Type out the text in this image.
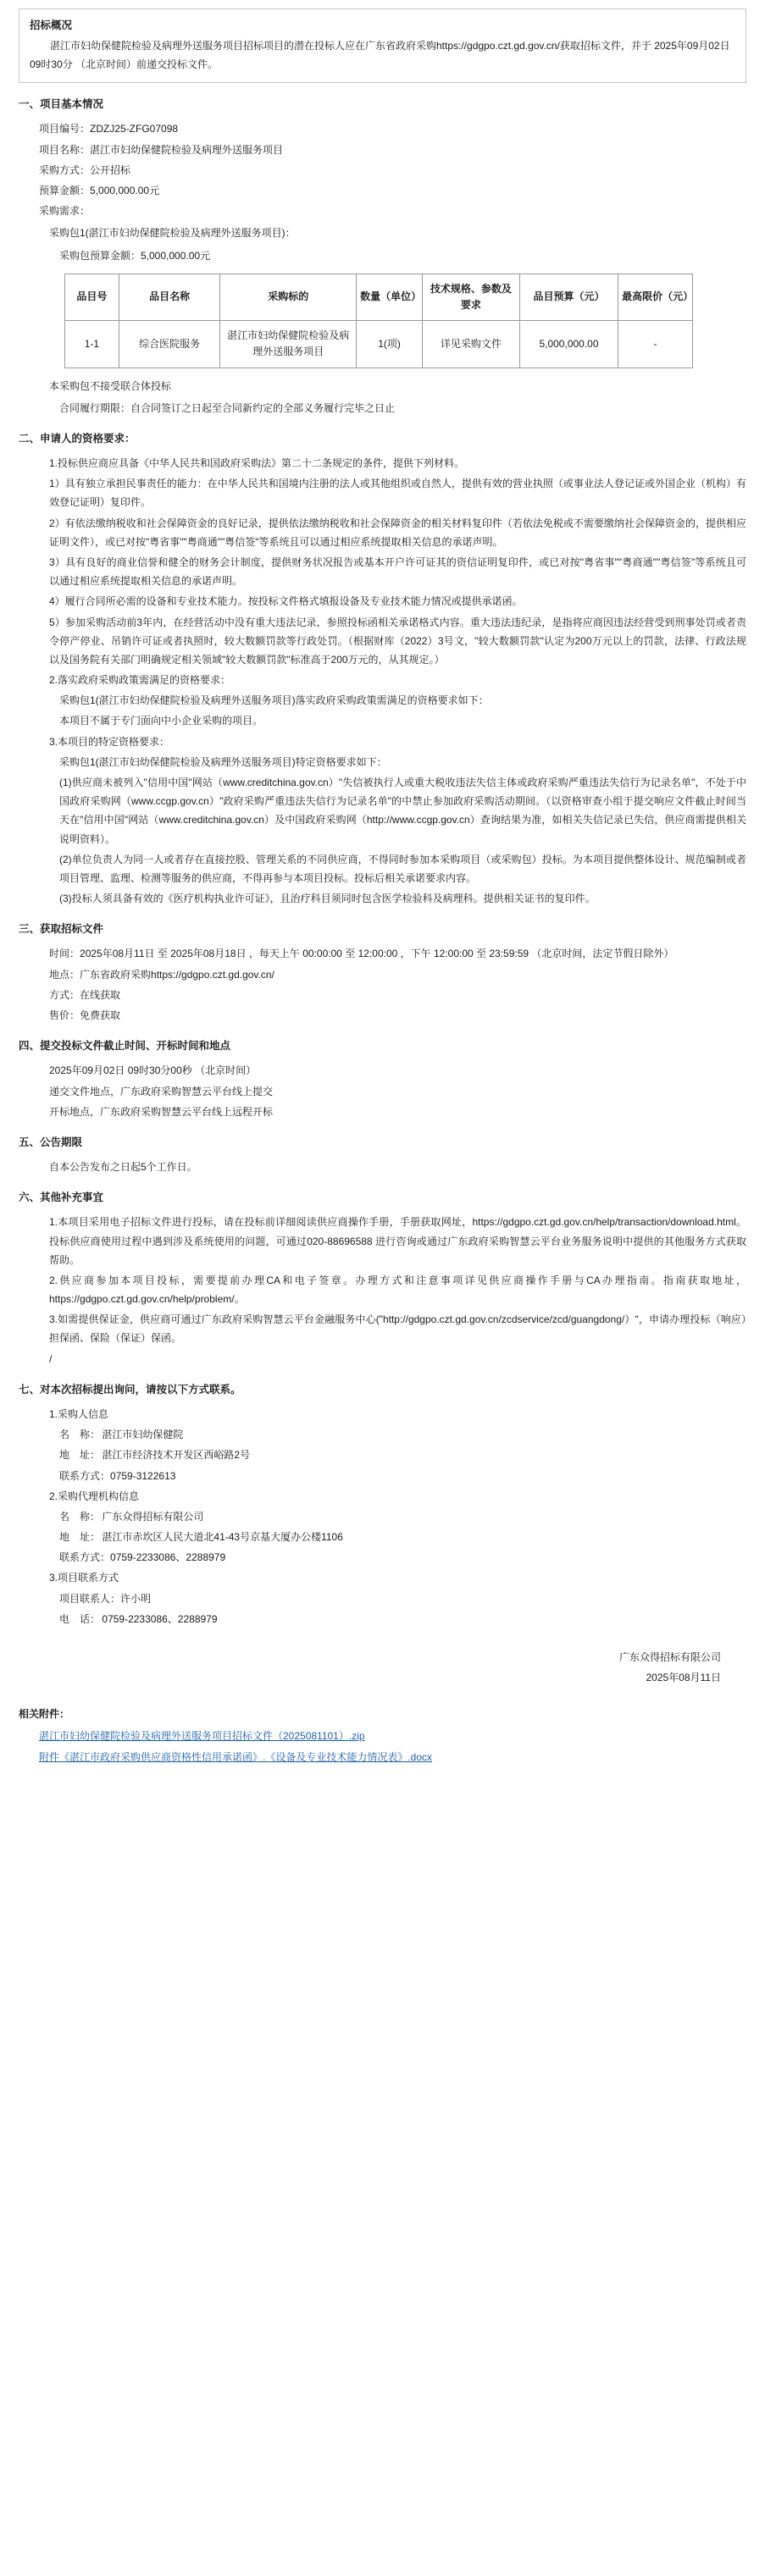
招标概况
湛江市妇幼保健院检验及病理外送服务项目招标项目的潜在投标人应在广东省政府采购https://gdgpo.czt.gd.gov.cn/获取招标文件，并于 2025年09月02日 09时30分 （北京时间）前递交投标文件。
一、项目基本情况
项目编号：ZDZJ25-ZFG07098
项目名称：湛江市妇幼保健院检验及病理外送服务项目
采购方式：公开招标
预算金额：5,000,000.00元
采购需求：
采购包1(湛江市妇幼保健院检验及病理外送服务项目)：
采购包预算金额：5,000,000.00元
品目号	品目名称	采购标的	数量（单位）	技术规格、参数及要求	品目预算（元）	最高限价（元）
1-1	综合医院服务	湛江市妇幼保健院检验及病理外送服务项目	1(项)	详见采购文件	5,000,000.00	-
本采购包不接受联合体投标
合同履行期限：自合同签订之日起至合同新约定的全部义务履行完毕之日止
二、申请人的资格要求：
1.投标供应商应具备《中华人民共和国政府采购法》第二十二条规定的条件，提供下列材料。
1）具有独立承担民事责任的能力：在中华人民共和国境内注册的法人或其他组织或自然人，提供有效的营业执照（或事业法人登记证或外国企业（机构）有效登记证明）复印件。
2）有依法缴纳税收和社会保障资金的良好记录，提供依法缴纳税收和社会保障资金的相关材料复印件（若依法免税或不需要缴纳社会保障资金的，提供相应证明文件），或已对按"粤省事""粤商通""粤信签"等系统且可以通过相应系统提取相关信息的承诺声明。
3）具有良好的商业信誉和健全的财务会计制度，提供财务状况报告或基本开户许可证其的资信证明复印件，或已对按"粤省事""粤商通""粤信签"等系统且可以通过相应系统提取相关信息的承诺声明。
4）履行合同所必需的设备和专业技术能力。按投标文件格式填报设备及专业技术能力情况或提供承诺函。
5）参加采购活动前3年内，在经营活动中没有重大违法记录，参照投标函相关承诺格式内容。重大违法违纪录，是指将应商因违法经营受到刑事处罚或者责令停产停业、吊销许可证或者执照时，较大数额罚款等行政处罚。（根据财库（2022）3号文，"较大数额罚款"认定为200万元以上的罚款，法律、行政法规以及国务院有关部门明确规定相关领域"较大数额罚款"标准高于200万元的，从其规定。）
2.落实政府采购政策需满足的资格要求：
采购包1(湛江市妇幼保健院检验及病理外送服务项目)落实政府采购政策需满足的资格要求如下：
本项目不属于专门面向中小企业采购的项目。
3.本项目的特定资格要求：
采购包1(湛江市妇幼保健院检验及病理外送服务项目)特定资格要求如下：
(1)供应商未被列入"信用中国"网站（www.creditchina.gov.cn）"失信被执行人或重大税收违法失信主体或政府采购严重违法失信行为记录名单"，不处于中国政府采购网（www.ccgp.gov.cn）"政府采购严重违法失信行为记录名单"的中禁止参加政府采购活动期间。（以资格审查小组于提交响应文件截止时间当天在"信用中国"网站（www.creditchina.gov.cn）及中国政府采购网（http://www.ccgp.gov.cn）查询结果为准，如相关失信记录已失信，供应商需提供相关说明资料）。
(2)单位负责人为同一人或者存在直接控股、管理关系的不同供应商，不得同时参加本采购项目（或采购包）投标。为本项目提供整体设计、规范编制或者项目管理、监理、检测等服务的供应商，不得再参与本项目投标。投标后相关承诺要求内容。
(3)投标人须具备有效的《医疗机构执业许可证》，且治疗科目须同时包含医学检验科及病理科。提供相关证书的复印件。
三、获取招标文件
时间：2025年08月11日 至 2025年08月18日 ，每天上午 00:00:00 至 12:00:00 ，下午 12:00:00 至 23:59:59 （北京时间，法定节假日除外）
地点：广东省政府采购https://gdgpo.czt.gd.gov.cn/
方式：在线获取
售价：免费获取
四、提交投标文件截止时间、开标时间和地点
2025年09月02日 09时30分00秒 （北京时间）
递交文件地点，广东政府采购智慧云平台线上提交
开标地点，广东政府采购智慧云平台线上远程开标
五、公告期限
自本公告发布之日起5个工作日。
六、其他补充事宜
1.本项目采用电子招标文件进行投标，请在投标前详细阅读供应商操作手册，手册获取网址，https://gdgpo.czt.gd.gov.cn/help/transaction/download.html。投标供应商使用过程中遇到涉及系统使用的问题，可通过020-88696588 进行咨询或通过广东政府采购智慧云平台业务服务说明中提供的其他服务方式获取帮助。
2.供应商参加本项目投标，需要提前办理CA和电子签章。办理方式和注意事项详见供应商操作手册与CA办理指南。指南获取地址，https://gdgpo.czt.gd.gov.cn/help/problem/。
3.如需提供保证金，供应商可通过广东政府采购智慧云平台金融服务中心("http://gdgpo.czt.gd.gov.cn/zcdservice/zcd/guangdong/）"，申请办理投标（响应）担保函、保险（保证）保函。
/
七、对本次招标提出询问，请按以下方式联系。
1.采购人信息
名　称： 湛江市妇幼保健院
地　址： 湛江市经济技术开发区西峪路2号
联系方式：0759-3122613
2.采购代理机构信息
名　称： 广东众得招标有限公司
地　址： 湛江市赤坎区人民大道北41-43号京基大厦办公楼1106
联系方式：0759-2233086、2288979
3.项目联系方式
项目联系人：许小明
电　话： 0759-2233086、2288979
广东众得招标有限公司
2025年08月11日
相关附件：
湛江市妇幼保健院检验及病理外送服务项目招标文件（2025081101）.zip
附件《湛江市政府采购供应商资格性信用承诺函》.《设备及专业技术能力情况表》.docx
